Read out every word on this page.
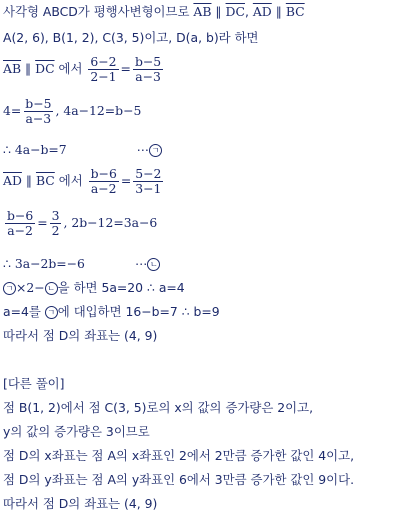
사각형 ABCD가 평행사변형이므로 $\overline{AB}$ ∥ $\overline{DC}$, $\overline{AD}$ ∥ $\overline{BC}$
A(2, 6), B(1, 2), C(3, 5)이고, D(a, b)라 하면
$\overline{AB}$ ∥ $\overline{DC}$ 에서 $\frac{6-2}{2-1} = \frac{b-5}{a-3}$
$4= \frac{b-5}{a-3}$ , 4a−12=b−5
∴ 4a−b=7	⋯ ㄱ
$\overline{AD}$ ∥ $\overline{BC}$ 에서 $\frac{b-6}{a-2} = \frac{5-2}{3-1}$
$\frac{b-6}{a-2} = \frac{3}{2}$ , 2b−12=3a−6
∴ 3a−2b=−6	⋯ ㄴ
ㄱ ×2− ㄴ 을 하면 5a=20 ∴ a=4
a=4를 ㄱ 에 대입하면 16−b=7 ∴ b=9
따라서 점 D의 좌표는 (4, 9)
[다른 풀이]
점 B(1, 2)에서 점 C(3, 5)로의 x의 값의 증가량은 2이고,
y의 값의 증가량은 3이므로
점 D의 x좌표는 점 A의 x좌표인 2에서 2만큼 증가한 값인 4이고,
점 D의 y좌표는 점 A의 y좌표인 6에서 3만큼 증가한 값인 9이다.
따라서 점 D의 좌표는 (4, 9)
